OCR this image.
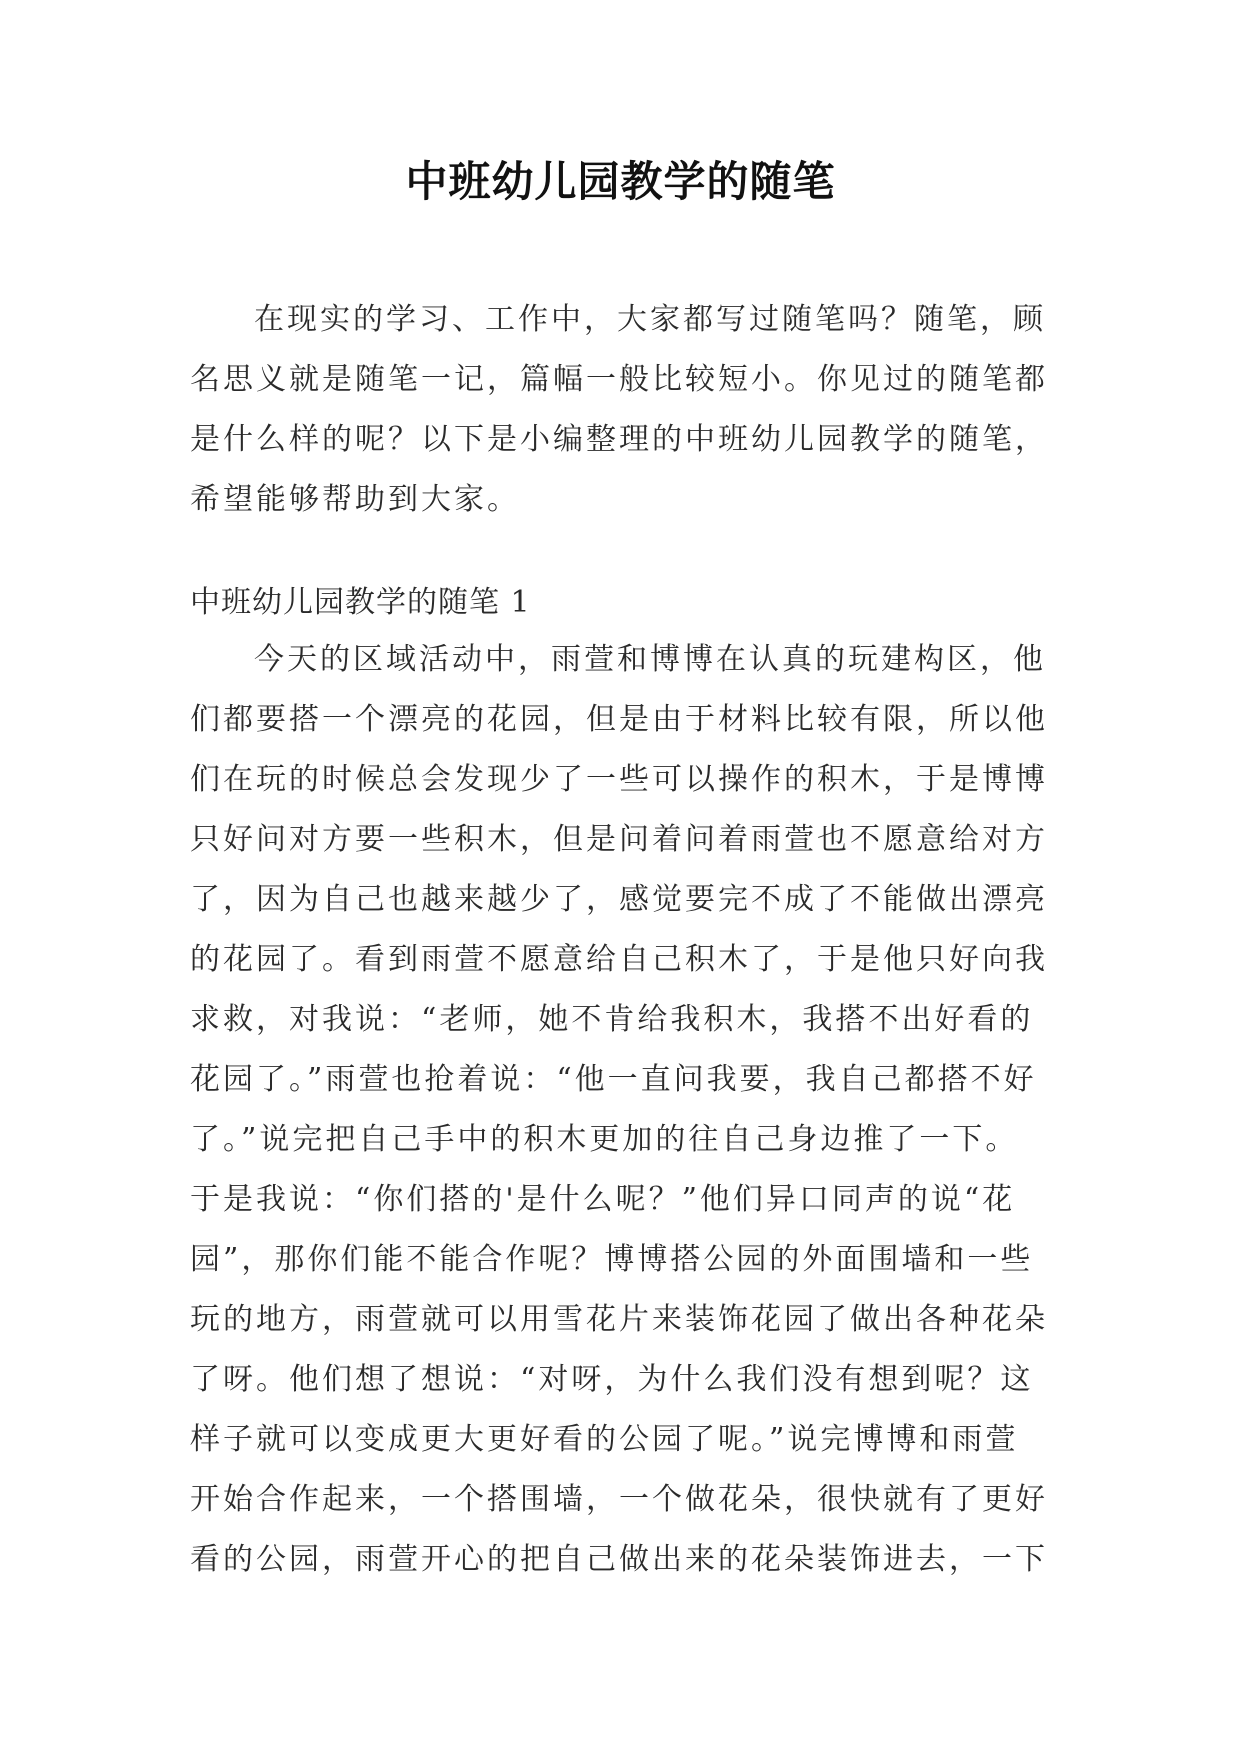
中班幼儿园教学的随笔
在现实的学习、工作中，大家都写过随笔吗？随笔，顾
名思义就是随笔一记，篇幅一般比较短小。你见过的随笔都
是什么样的呢？以下是小编整理的中班幼儿园教学的随笔，
希望能够帮助到大家。
中班幼儿园教学的随笔 1
今天的区域活动中，雨萱和博博在认真的玩建构区，他
们都要搭一个漂亮的花园，但是由于材料比较有限，所以他
们在玩的时候总会发现少了一些可以操作的积木，于是博博
只好问对方要一些积木，但是问着问着雨萱也不愿意给对方
了，因为自己也越来越少了，感觉要完不成了不能做出漂亮
的花园了。看到雨萱不愿意给自己积木了，于是他只好向我
求救，对我说：“老师，她不肯给我积木，我搭不出好看的
花园了。”雨萱也抢着说：“他一直问我要，我自己都搭不好
了。”说完把自己手中的积木更加的往自己身边推了一下。
于是我说：“你们搭的'是什么呢？”他们异口同声的说“花
园”，那你们能不能合作呢？博博搭公园的外面围墙和一些
玩的地方，雨萱就可以用雪花片来装饰花园了做出各种花朵
了呀。他们想了想说：“对呀，为什么我们没有想到呢？这
样子就可以变成更大更好看的公园了呢。”说完博博和雨萱
开始合作起来，一个搭围墙，一个做花朵，很快就有了更好
看的公园，雨萱开心的把自己做出来的花朵装饰进去，一下
